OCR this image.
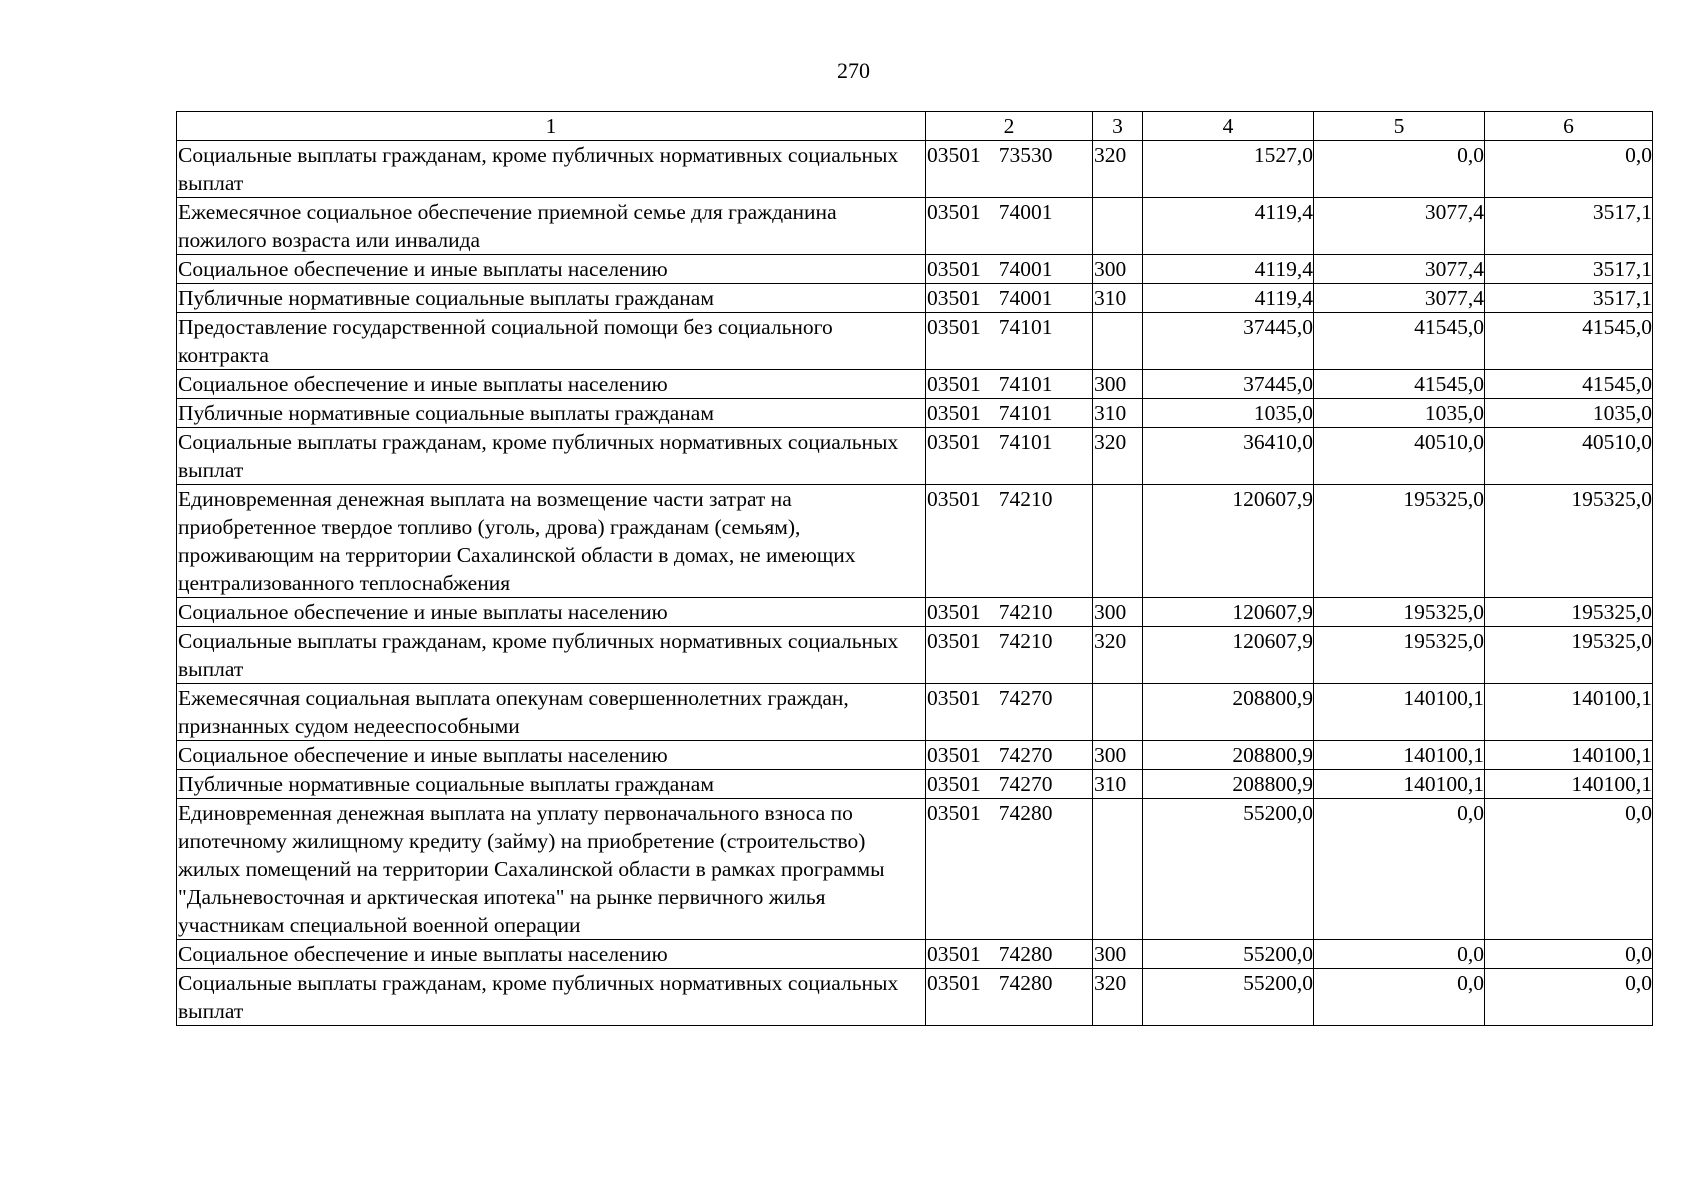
270
1	2	3	4	5	6
Социальные выплаты гражданам, кроме публичных нормативных социальных выплат	03501 73530	320	1527,0	0,0	0,0
Ежемесячное социальное обеспечение приемной семье для гражданина пожилого возраста или инвалида	03501 74001		4119,4	3077,4	3517,1
Социальное обеспечение и иные выплаты населению	03501 74001	300	4119,4	3077,4	3517,1
Публичные нормативные социальные выплаты гражданам	03501 74001	310	4119,4	3077,4	3517,1
Предоставление государственной социальной помощи без социального контракта	03501 74101		37445,0	41545,0	41545,0
Социальное обеспечение и иные выплаты населению	03501 74101	300	37445,0	41545,0	41545,0
Публичные нормативные социальные выплаты гражданам	03501 74101	310	1035,0	1035,0	1035,0
Социальные выплаты гражданам, кроме публичных нормативных социальных выплат	03501 74101	320	36410,0	40510,0	40510,0
Единовременная денежная выплата на возмещение части затрат на приобретенное твердое топливо (уголь, дрова) гражданам (семьям), проживающим на территории Сахалинской области в домах, не имеющих централизованного теплоснабжения	03501 74210		120607,9	195325,0	195325,0
Социальное обеспечение и иные выплаты населению	03501 74210	300	120607,9	195325,0	195325,0
Социальные выплаты гражданам, кроме публичных нормативных социальных выплат	03501 74210	320	120607,9	195325,0	195325,0
Ежемесячная социальная выплата опекунам совершеннолетних граждан, признанных судом недееспособными	03501 74270		208800,9	140100,1	140100,1
Социальное обеспечение и иные выплаты населению	03501 74270	300	208800,9	140100,1	140100,1
Публичные нормативные социальные выплаты гражданам	03501 74270	310	208800,9	140100,1	140100,1
Единовременная денежная выплата на уплату первоначального взноса по ипотечному жилищному кредиту (займу) на приобретение (строительство) жилых помещений на территории Сахалинской области в рамках программы "Дальневосточная и арктическая ипотека" на рынке первичного жилья участникам специальной военной операции	03501 74280		55200,0	0,0	0,0
Социальное обеспечение и иные выплаты населению	03501 74280	300	55200,0	0,0	0,0
Социальные выплаты гражданам, кроме публичных нормативных социальных выплат	03501 74280	320	55200,0	0,0	0,0
